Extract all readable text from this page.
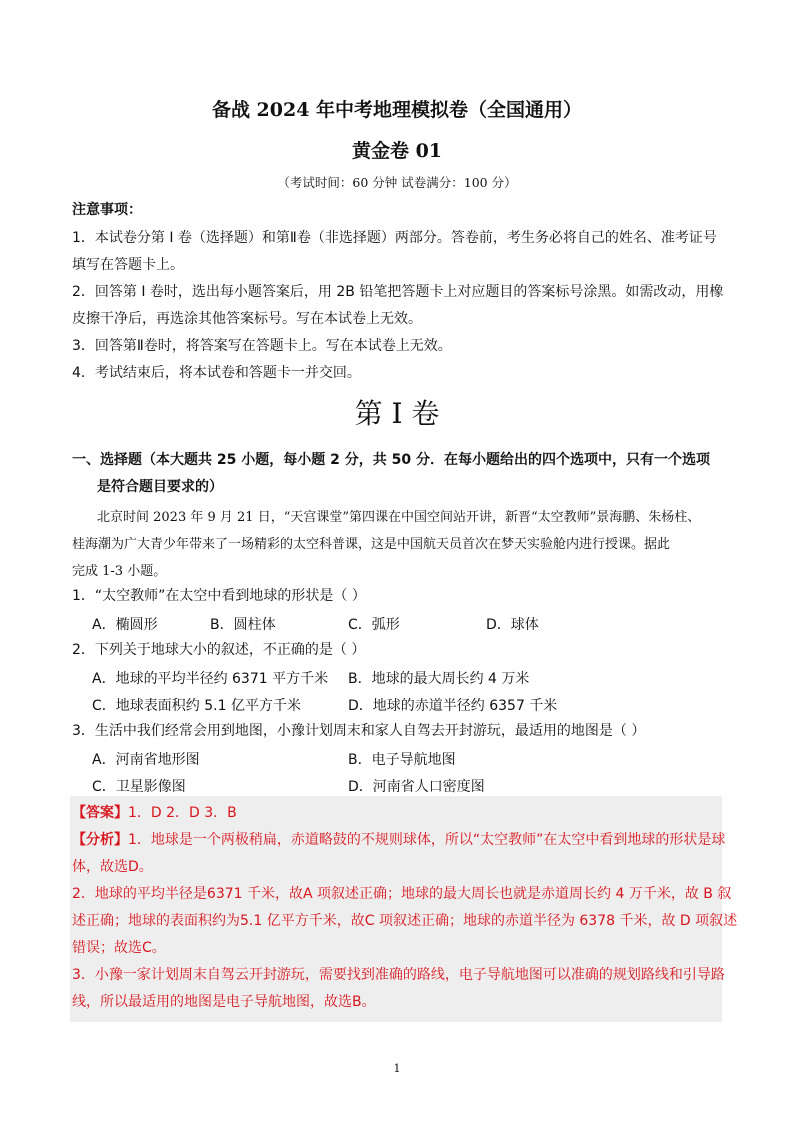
备战 2024 年中考地理模拟卷（全国通用）
黄金卷 01
（考试时间：60 分钟 试卷满分：100 分）
注意事项：
1．本试卷分第 I 卷（选择题）和第Ⅱ卷（非选择题）两部分。答卷前，考生务必将自己的姓名、准考证号
填写在答题卡上。
2．回答第 I 卷时，选出每小题答案后，用 2B 铅笔把答题卡上对应题目的答案标号涂黑。如需改动，用橡
皮擦干净后，再选涂其他答案标号。写在本试卷上无效。
3．回答第Ⅱ卷时，将答案写在答题卡上。写在本试卷上无效。
4．考试结束后，将本试卷和答题卡一并交回。
第 I 卷
一、选择题（本大题共 25 小题，每小题 2 分，共 50 分．在每小题给出的四个选项中，只有一个选项
是符合题目要求的）
北京时间 2023 年 9 月 21 日，“天宫课堂”第四课在中国空间站开讲，新晋“太空教师”景海鹏、朱杨柱、
桂海潮为广大青少年带来了一场精彩的太空科普课，这是中国航天员首次在梦天实验舱内进行授课。据此
完成 1-3 小题。
1．“太空教师”在太空中看到地球的形状是（ ）
A．椭圆形	B．圆柱体	C．弧形	D．球体
2．下列关于地球大小的叙述，不正确的是（ ）
A．地球的平均半径约 6371 平方千米 B．地球的最大周长约 4 万米
C．地球表面积约 5.1 亿平方千米	D．地球的赤道半径约 6357 千米
3．生活中我们经常会用到地图，小豫计划周末和家人自驾去开封游玩，最适用的地图是（ ）
A．河南省地形图	B．电子导航地图
C．卫星影像图	D．河南省人口密度图
【答案】1．D 2．D 3．B
【分析】1．地球是一个两极稍扁，赤道略鼓的不规则球体，所以“太空教师”在太空中看到地球的形状是球
体，故选D。
2．地球的平均半径是6371 千米，故A 项叙述正确；地球的最大周长也就是赤道周长约 4 万千米，故 B 叙
述正确；地球的表面积约为5.1 亿平方千米，故C 项叙述正确；地球的赤道半径为 6378 千米，故 D 项叙述
错误；故选C。
3．小豫一家计划周末自驾云开封游玩，需要找到准确的路线，电子导航地图可以准确的规划路线和引导路
线，所以最适用的地图是电子导航地图，故选B。
1
